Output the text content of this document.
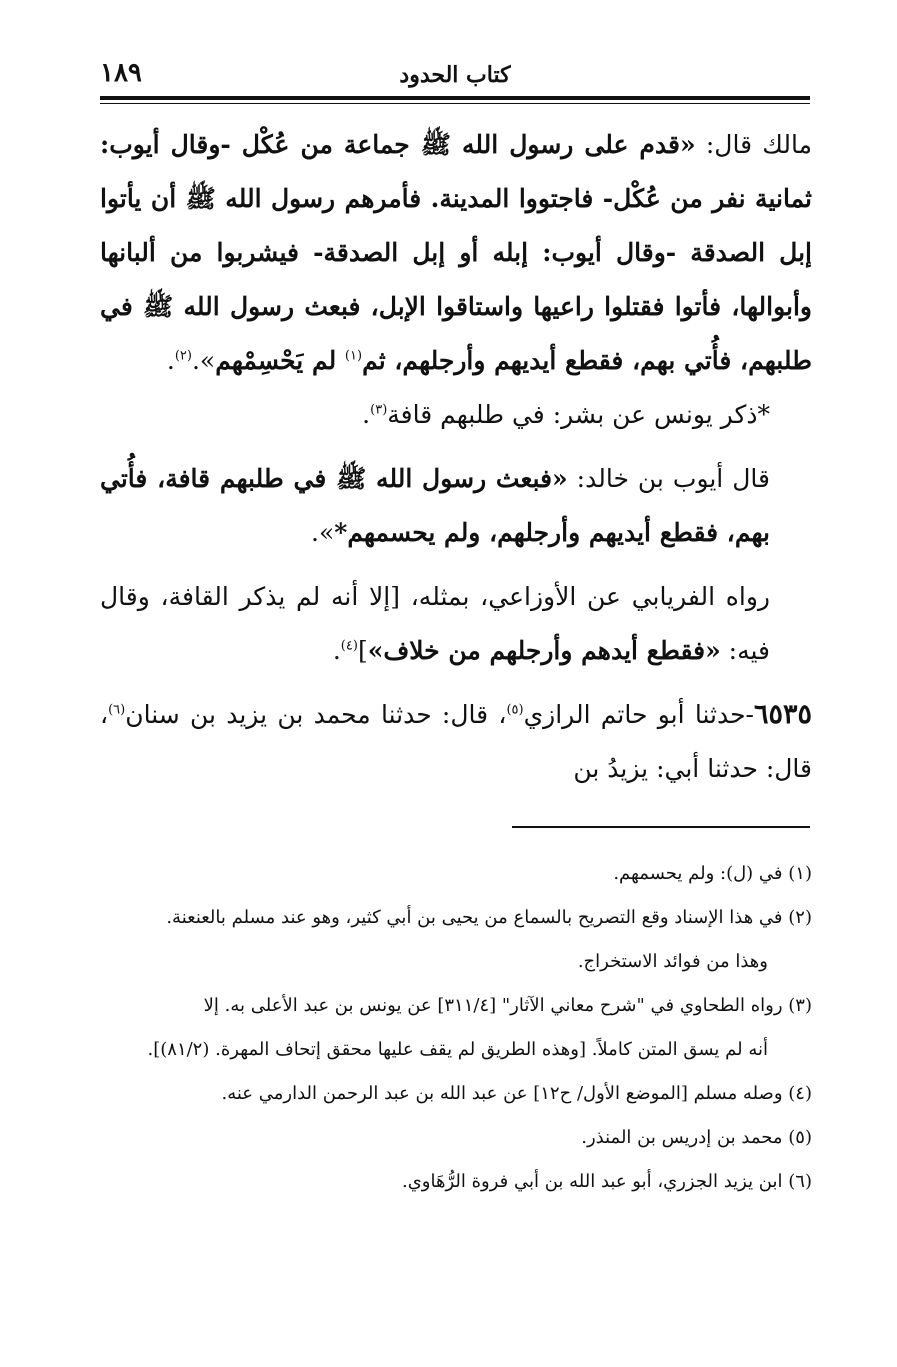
١٨٩	كتاب الحدود

مالك قال: «قدم على رسول الله ﷺ جماعة من عُكْل -وقال أيوب: ثمانية نفر من عُكْل- فاجتووا المدينة. فأمرهم رسول الله ﷺ أن يأتوا إبل الصدقة -وقال أيوب: إبله أو إبل الصدقة- فيشربوا من ألبانها وأبوالها، فأتوا فقتلوا راعيها واستاقوا الإبل، فبعث رسول الله ﷺ في طلبهم، فأُتي بهم، فقطع أيديهم وأرجلهم، ثم$^{(١)}$ لم يَحْسِمْهم».$^{(٢)}$.

*ذكر يونس عن بشر: في طلبهم قافة$^{(٣)}$.

قال أيوب بن خالد: «فبعث رسول الله ﷺ في طلبهم قافة، فأُتي بهم، فقطع أيديهم وأرجلهم، ولم يحسمهم*».

رواه الفريابي عن الأوزاعي، بمثله، [إلا أنه لم يذكر القافة، وقال فيه: «فقطع أيدهم وأرجلهم من خلاف»]$^{(٤)}$.

٦٥٣٥-حدثنا أبو حاتم الرازي$^{(٥)}$، قال: حدثنا محمد بن يزيد بن سنان$^{(٦)}$، قال: حدثنا أبي: يزيدُ بن

(١) في (ل): ولم يحسمهم.

(٢) في هذا الإسناد وقع التصريح بالسماع من يحيى بن أبي كثير، وهو عند مسلم بالعنعنة.

وهذا من فوائد الاستخراج.

(٣) رواه الطحاوي في "شرح معاني الآثار" [٣١١/٤] عن يونس بن عبد الأعلى به. إلا

أنه لم يسق المتن كاملاً. [وهذه الطريق لم يقف عليها محقق إتحاف المهرة. (٨١/٢)].

(٤) وصله مسلم [الموضع الأول/ ح١٢] عن عبد الله بن عبد الرحمن الدارمي عنه.

(٥) محمد بن إدريس بن المنذر.

(٦) ابن يزيد الجزري، أبو عبد الله بن أبي فروة الرُّهَاوي.
